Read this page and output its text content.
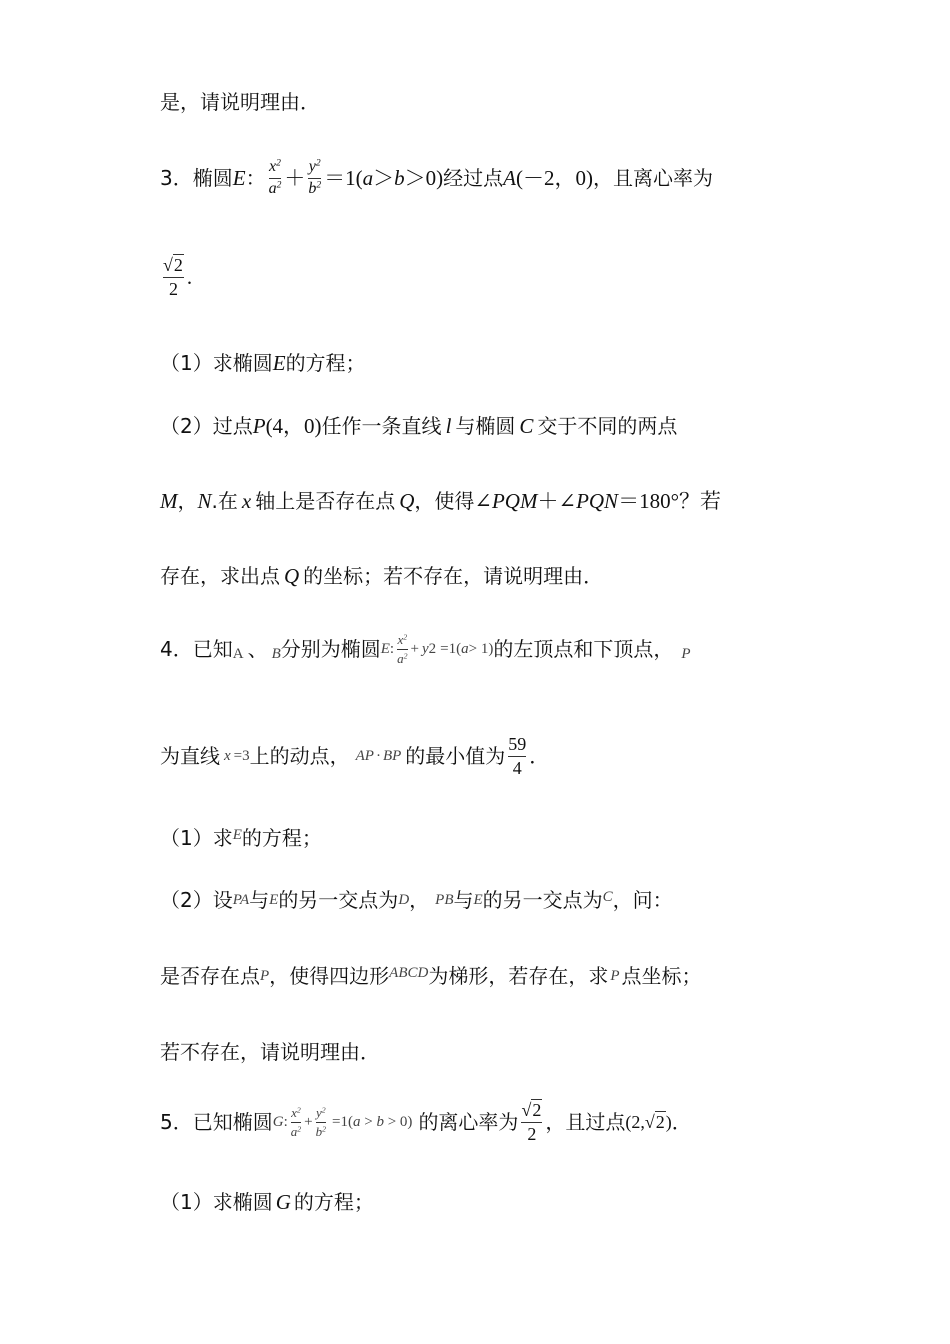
是，请说明理由．
3．椭圆 E ： $\frac{x^2}{a^2} + \frac{y^2}{b^2} =1$( a ＞ b ＞0) 经过点 A (－2，0) ，且离心率为
$\frac{√2}{2}$ .
（1）求椭圆 E 的方程；
（2）过点 P (4，0) 任作一条直线 l 与椭圆 C 交于不同的两点
M ， N .在 x 轴上是否存在点 Q ，使得 ∠PQM ＋ ∠PQN ＝180°？若
存在，求出点 Q 的坐标；若不存在，请说明理由．
4．已知 A 、 B 分别为椭圆 E : $\frac{x^2}{a^2} + y$ 2 =1( a > 1) 的左顶点和下顶点， P
为直线 x =3 上的动点， AP · BP 的最小值为 $\frac{59}{4}$ ．
（1）求 E 的方程；
（2）设 PA 与 E 的另一交点为 D ， PB 与 E 的另一交点为 C ，问：
是否存在点 P ，使得四边形 ABCD 为梯形，若存在，求 P 点坐标；
若不存在，请说明理由．
5．已知椭圆 G : $\frac{x^2}{a^2} + \frac{y^2}{b^2} =1$( a > b > 0) 的离心率为 $\frac{√2}{2}$ ，且过点 (2, √2 ) ．
（1）求椭圆 G 的方程；
